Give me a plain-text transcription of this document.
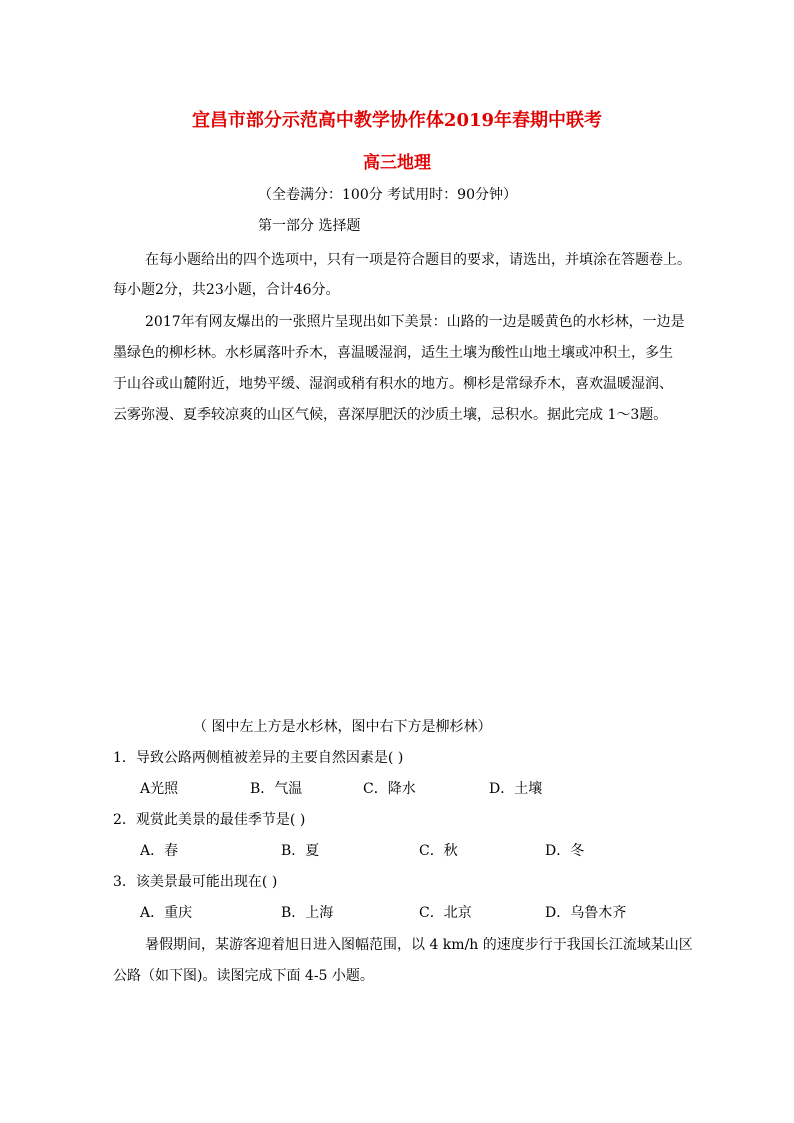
宜昌市部分示范高中教学协作体2019年春期中联考
高三地理
（全卷满分：100分 考试用时：90分钟）
第一部分 选择题
在每小题给出的四个选项中，只有一项是符合题目的要求，请选出，并填涂在答题卷上。
每小题2分，共23小题，合计46分。
2017年有网友爆出的一张照片呈现出如下美景：山路的一边是暖黄色的水杉林，一边是
墨绿色的柳杉林。水杉属落叶乔木，喜温暖湿润，适生土壤为酸性山地土壤或冲积土，多生
于山谷或山麓附近，地势平缓、湿润或稍有积水的地方。柳杉是常绿乔木，喜欢温暖湿润、
云雾弥漫、夏季较凉爽的山区气候，喜深厚肥沃的沙质土壤，忌积水。据此完成 1～3题。
（ 图中左上方是水杉林，图中右下方是柳杉林）
1．导致公路两侧植被差异的主要自然因素是( )
A光照	B．气温	C．降水	D．土壤
2．观赏此美景的最佳季节是( )
A．春	B．夏	C．秋	D．冬
3．该美景最可能出现在( )
A．重庆	B．上海	C．北京	D．乌鲁木齐
暑假期间，某游客迎着旭日进入图幅范围，以 4 km/h 的速度步行于我国长江流域某山区
公路（如下图)。读图完成下面 4-5 小题。
